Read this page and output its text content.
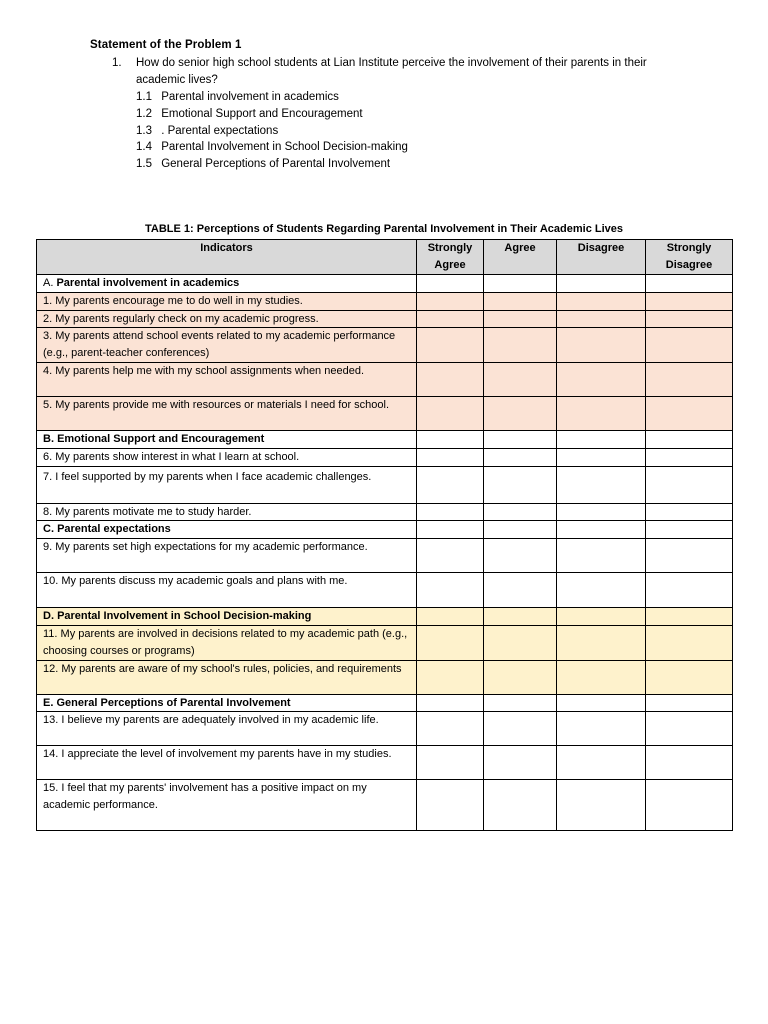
Statement of the Problem 1
1. How do senior high school students at Lian Institute perceive the involvement of their parents in their academic lives?
1.1 Parental involvement in academics
1.2 Emotional Support and Encouragement
1.3 . Parental expectations
1.4 Parental Involvement in School Decision-making
1.5 General Perceptions of Parental Involvement
TABLE 1: Perceptions of Students Regarding Parental Involvement in Their Academic Lives
Indicators	Strongly Agree	Agree	Disagree	Strongly Disagree
A. Parental involvement in academics				
1. My parents encourage me to do well in my studies.				
2. My parents regularly check on my academic progress.				
3. My parents attend school events related to my academic performance (e.g., parent-teacher conferences)				
4. My parents help me with my school assignments when needed.				
5. My parents provide me with resources or materials I need for school.				
B. Emotional Support and Encouragement				
6. My parents show interest in what I learn at school.				
7. I feel supported by my parents when I face academic challenges.				
8. My parents motivate me to study harder.				
C. Parental expectations				
9. My parents set high expectations for my academic performance.				
10. My parents discuss my academic goals and plans with me.				
D. Parental Involvement in School Decision-making				
11. My parents are involved in decisions related to my academic path (e.g., choosing courses or programs)				
12. My parents are aware of my school's rules, policies, and requirements				
E. General Perceptions of Parental Involvement				
13. I believe my parents are adequately involved in my academic life.				
14. I appreciate the level of involvement my parents have in my studies.				
15. I feel that my parents' involvement has a positive impact on my academic performance.				
